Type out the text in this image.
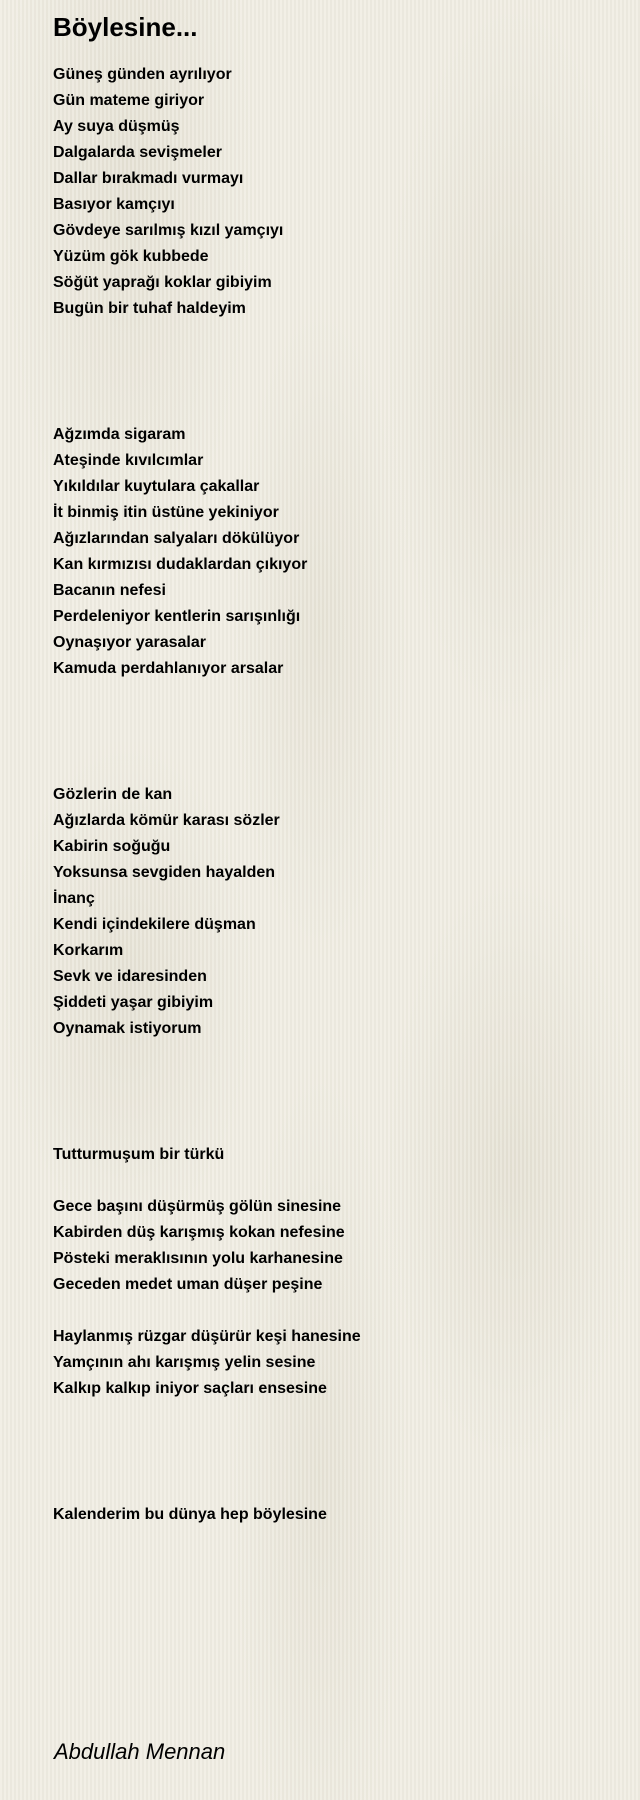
Böylesine...
Güneş günden ayrılıyor
Gün mateme giriyor
Ay suya düşmüş
Dalgalarda sevişmeler
Dallar bırakmadı vurmayı
Basıyor kamçıyı
Gövdeye sarılmış kızıl yamçıyı
Yüzüm gök kubbede
Söğüt yaprağı koklar gibiyim
Bugün bir tuhaf haldeyim
Ağzımda sigaram
Ateşinde kıvılcımlar
Yıkıldılar kuytulara çakallar
İt binmiş itin üstüne yekiniyor
Ağızlarından salyaları dökülüyor
Kan kırmızısı dudaklardan çıkıyor
Bacanın nefesi
Perdeleniyor kentlerin sarışınlığı
Oynaşıyor yarasalar
Kamuda perdahlanıyor arsalar
Gözlerin de kan
Ağızlarda kömür karası sözler
Kabirin soğuğu
Yoksunsa sevgiden hayalden
İnanç
Kendi içindekilere düşman
Korkarım
Sevk ve idaresinden
Şiddeti yaşar gibiyim
Oynamak istiyorum
Tutturmuşum bir türkü
Gece başını düşürmüş gölün sinesine
Kabirden düş karışmış kokan nefesine
Pösteki meraklısının yolu karhanesine
Geceden medet uman düşer peşine
Haylanmış rüzgar düşürür keşi hanesine
Yamçının ahı karışmış yelin sesine
Kalkıp kalkıp iniyor saçları ensesine
Kalenderim bu dünya hep böylesine
Abdullah Mennan
